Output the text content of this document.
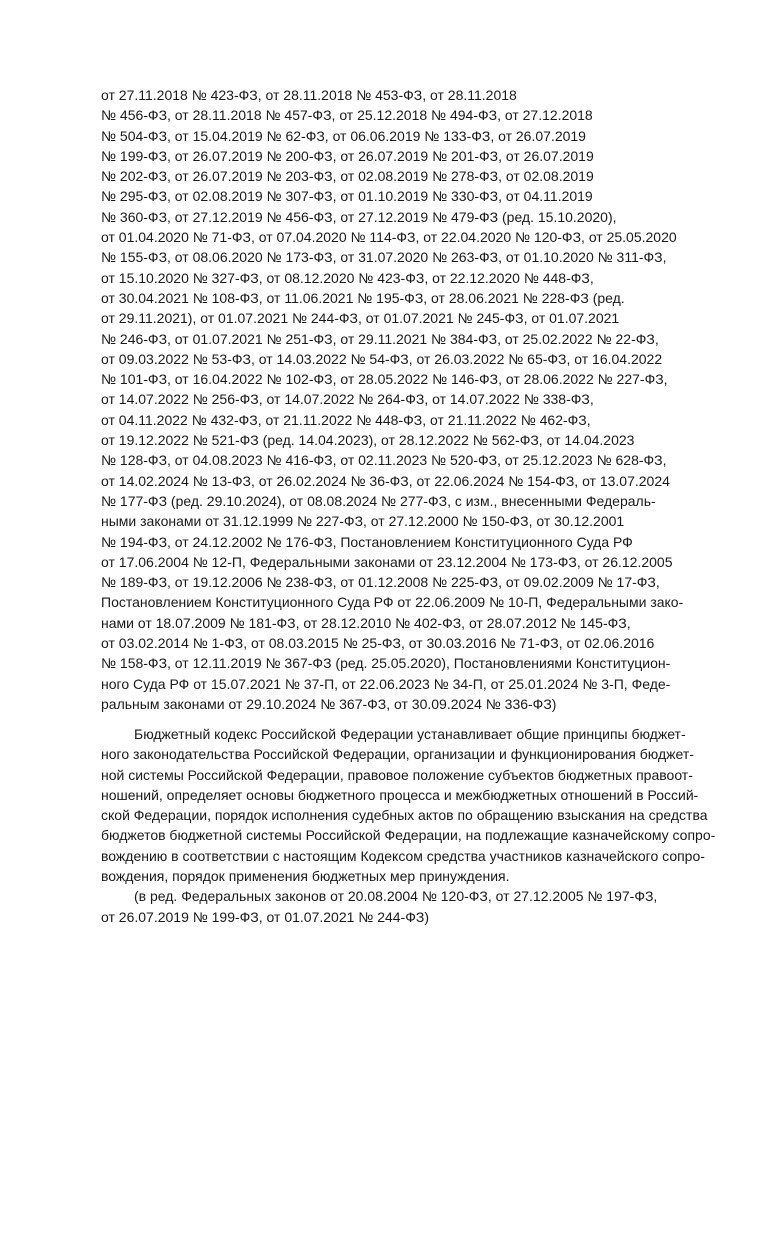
от 27.11.2018 № 423-ФЗ, от 28.11.2018 № 453-ФЗ, от 28.11.2018
№ 456-ФЗ, от 28.11.2018 № 457-ФЗ, от 25.12.2018 № 494-ФЗ, от 27.12.2018
№ 504-ФЗ, от 15.04.2019 № 62-ФЗ, от 06.06.2019 № 133-ФЗ, от 26.07.2019
№ 199-ФЗ, от 26.07.2019 № 200-ФЗ, от 26.07.2019 № 201-ФЗ, от 26.07.2019
№ 202-ФЗ, от 26.07.2019 № 203-ФЗ, от 02.08.2019 № 278-ФЗ, от 02.08.2019
№ 295-ФЗ, от 02.08.2019 № 307-ФЗ, от 01.10.2019 № 330-ФЗ, от 04.11.2019
№ 360-ФЗ, от 27.12.2019 № 456-ФЗ, от 27.12.2019 № 479-ФЗ (ред. 15.10.2020),
от 01.04.2020 № 71-ФЗ, от 07.04.2020 № 114-ФЗ, от 22.04.2020 № 120-ФЗ, от 25.05.2020
№ 155-ФЗ, от 08.06.2020 № 173-ФЗ, от 31.07.2020 № 263-ФЗ, от 01.10.2020 № 311-ФЗ,
от 15.10.2020 № 327-ФЗ, от 08.12.2020 № 423-ФЗ, от 22.12.2020 № 448-ФЗ,
от 30.04.2021 № 108-ФЗ, от 11.06.2021 № 195-ФЗ, от 28.06.2021 № 228-ФЗ (ред.
от 29.11.2021), от 01.07.2021 № 244-ФЗ, от 01.07.2021 № 245-ФЗ, от 01.07.2021
№ 246-ФЗ, от 01.07.2021 № 251-ФЗ, от 29.11.2021 № 384-ФЗ, от 25.02.2022 № 22-ФЗ,
от 09.03.2022 № 53-ФЗ, от 14.03.2022 № 54-ФЗ, от 26.03.2022 № 65-ФЗ, от 16.04.2022
№ 101-ФЗ, от 16.04.2022 № 102-ФЗ, от 28.05.2022 № 146-ФЗ, от 28.06.2022 № 227-ФЗ,
от 14.07.2022 № 256-ФЗ, от 14.07.2022 № 264-ФЗ, от 14.07.2022 № 338-ФЗ,
от 04.11.2022 № 432-ФЗ, от 21.11.2022 № 448-ФЗ, от 21.11.2022 № 462-ФЗ,
от 19.12.2022 № 521-ФЗ (ред. 14.04.2023), от 28.12.2022 № 562-ФЗ, от 14.04.2023
№ 128-ФЗ, от 04.08.2023 № 416-ФЗ, от 02.11.2023 № 520-ФЗ, от 25.12.2023 № 628-ФЗ,
от 14.02.2024 № 13-ФЗ, от 26.02.2024 № 36-ФЗ, от 22.06.2024 № 154-ФЗ, от 13.07.2024
№ 177-ФЗ (ред. 29.10.2024), от 08.08.2024 № 277-ФЗ, с изм., внесенными Федераль-
ными законами от 31.12.1999 № 227-ФЗ, от 27.12.2000 № 150-ФЗ, от 30.12.2001
№ 194-ФЗ, от 24.12.2002 № 176-ФЗ, Постановлением Конституционного Суда РФ
от 17.06.2004 № 12-П, Федеральными законами от 23.12.2004 № 173-ФЗ, от 26.12.2005
№ 189-ФЗ, от 19.12.2006 № 238-ФЗ, от 01.12.2008 № 225-ФЗ, от 09.02.2009 № 17-ФЗ,
Постановлением Конституционного Суда РФ от 22.06.2009 № 10-П, Федеральными зако-
нами от 18.07.2009 № 181-ФЗ, от 28.12.2010 № 402-ФЗ, от 28.07.2012 № 145-ФЗ,
от 03.02.2014 № 1-ФЗ, от 08.03.2015 № 25-ФЗ, от 30.03.2016 № 71-ФЗ, от 02.06.2016
№ 158-ФЗ, от 12.11.2019 № 367-ФЗ (ред. 25.05.2020), Постановлениями Конституцион-
ного Суда РФ от 15.07.2021 № 37-П, от 22.06.2023 № 34-П, от 25.01.2024 № 3-П, Феде-
ральным законами от 29.10.2024 № 367-ФЗ, от 30.09.2024 № 336-ФЗ)
Бюджетный кодекс Российской Федерации устанавливает общие принципы бюджет-
ного законодательства Российской Федерации, организации и функционирования бюджет-
ной системы Российской Федерации, правовое положение субъектов бюджетных правоот-
ношений, определяет основы бюджетного процесса и межбюджетных отношений в Россий-
ской Федерации, порядок исполнения судебных актов по обращению взыскания на средства
бюджетов бюджетной системы Российской Федерации, на подлежащие казначейскому сопро-
вождению в соответствии с настоящим Кодексом средства участников казначейского сопро-
вождения, порядок применения бюджетных мер принуждения.
(в ред. Федеральных законов от 20.08.2004 № 120-ФЗ, от 27.12.2005 № 197-ФЗ,
от 26.07.2019 № 199-ФЗ, от 01.07.2021 № 244-ФЗ)
